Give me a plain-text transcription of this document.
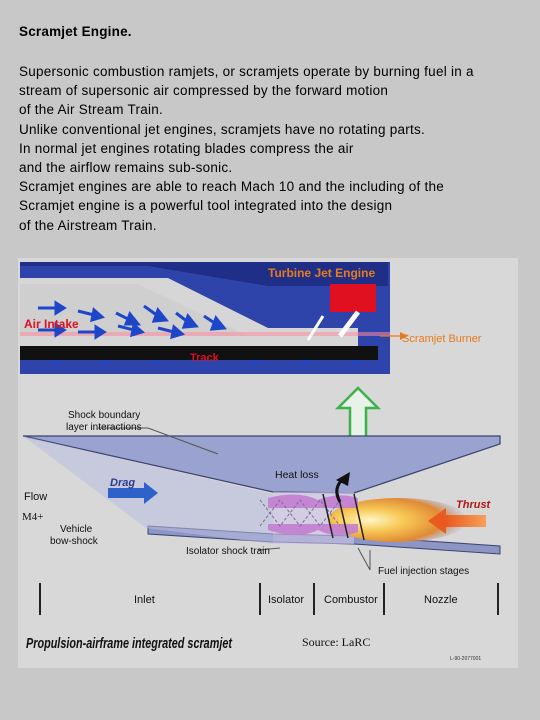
Scramjet Engine.
Supersonic combustion ramjets, or scramjets operate by burning fuel in a
stream of supersonic air compressed by the forward motion
of the Air Stream Train.
Unlike conventional jet engines, scramjets have no rotating parts.
In normal jet engines rotating blades compress the air
and the airflow remains sub-sonic.
Scramjet engines are able to reach Mach 10 and the including of the
Scramjet engine is a powerful tool integrated into the design
of the Airstream Train.
Turbine Jet Engine
Air Intake
Track
Scramjet Burner
Shock boundary
layer interactions
Heat loss
Drag
Flow
M4+
Vehicle
bow-shock
Thrust
Isolator shock train
Fuel injection stages
Inlet	Isolator Combustor	Nozzle
Propulsion-airframe integrated scramjet	Source: LaRC
L-90-2077001
